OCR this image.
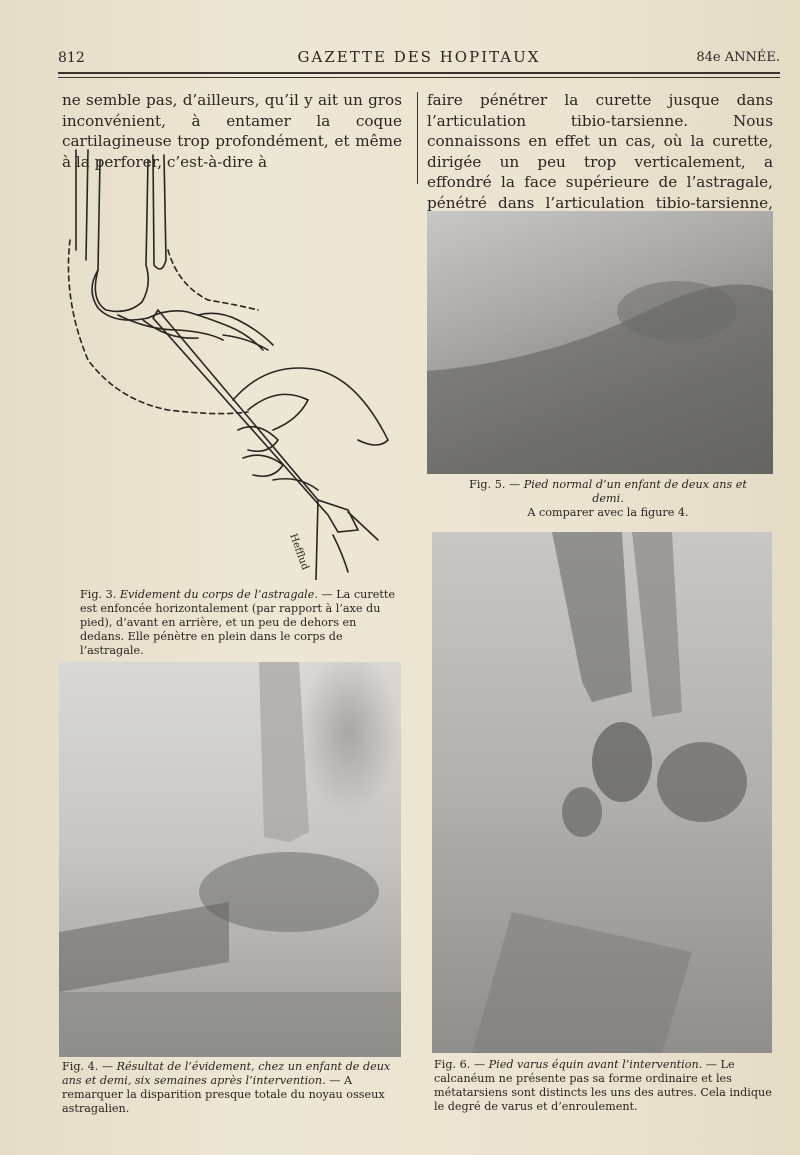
812	GAZETTE DES HOPITAUX	84e ANNÉE.
ne semble pas, d’ailleurs, qu’il y ait un gros inconvénient, à entamer la coque cartilagineuse trop profondément, et même à la perforer, c’est-à-dire à
faire pénétrer la curette jusque dans l’articulation tibio-tarsienne. Nous connaissons en effet un cas, où la curette, dirigée un peu trop verticalement, a effondré la face supérieure de l’astragale, pénétré dans l’articulation tibio-tarsienne,
Hefflud
Fig. 3. Evidement du corps de l’astragale. — La curette est enfoncée horizontalement (par rapport à l’axe du pied), d’avant en arrière, et un peu de dehors en dedans. Elle pénètre en plein dans le corps de l’astragale.
Fig. 4. — Résultat de l’évidement, chez un enfant de deux ans et demi, six semaines après l’intervention. — A remarquer la disparition presque totale du noyau osseux astragalien.
Fig. 5. — Pied normal d’un enfant de deux ans et demi.
A comparer avec la figure 4.
Fig. 6. — Pied varus équin avant l’intervention. — Le calcanéum ne présente pas sa forme ordinaire et les métatarsiens sont distincts les uns des autres. Cela indique le degré de varus et d’enroulement.
